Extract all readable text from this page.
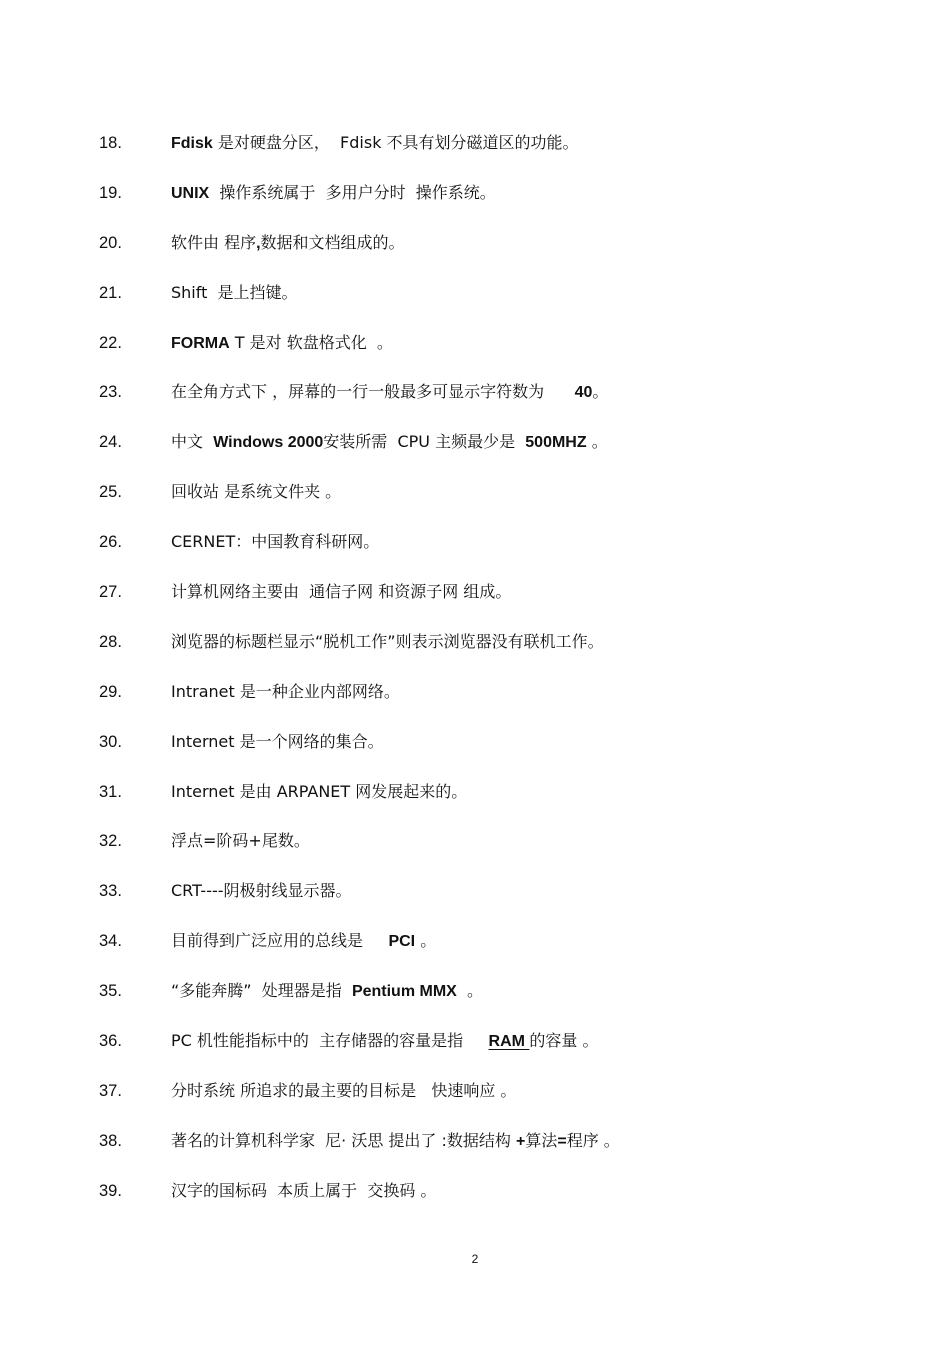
18.	Fdisk 是对硬盘分区，  Fdisk 不具有划分磁道区的功能。
19.	UNIX  操作系统属于  多用户分时  操作系统。
20.	软件由 程序,数据和文档组成的。
21.	Shift  是上挡键。
22.	FORMA T 是对 软盘格式化  。
23.	在全角方式下 ，屏幕的一行一般最多可显示字符数为      40。
24.	中文  Windows 2000安装所需  CPU 主频最少是  500MHZ 。
25.	回收站 是系统文件夹 。
26.	CERNET：中国教育科研网。
27.	计算机网络主要由  通信子网 和资源子网 组成。
28.	浏览器的标题栏显示“脱机工作”则表示浏览器没有联机工作。
29.	Intranet 是一种企业内部网络。
30.	Internet 是一个网络的集合。
31.	Internet 是由 ARPANET 网发展起来的。
32.	浮点=阶码+尾数。
33.	CRT----阴极射线显示器。
34.	目前得到广泛应用的总线是     PCI 。
35.	“多能奔腾”  处理器是指  Pentium MMX  。
36.	PC 机性能指标中的  主存储器的容量是指     RAM 的容量 。
37.	分时系统 所追求的最主要的目标是   快速响应 。
38.	著名的计算机科学家  尼· 沃思 提出了 :数据结构 +算法=程序 。
39.	汉字的国标码  本质上属于  交换码 。
2
